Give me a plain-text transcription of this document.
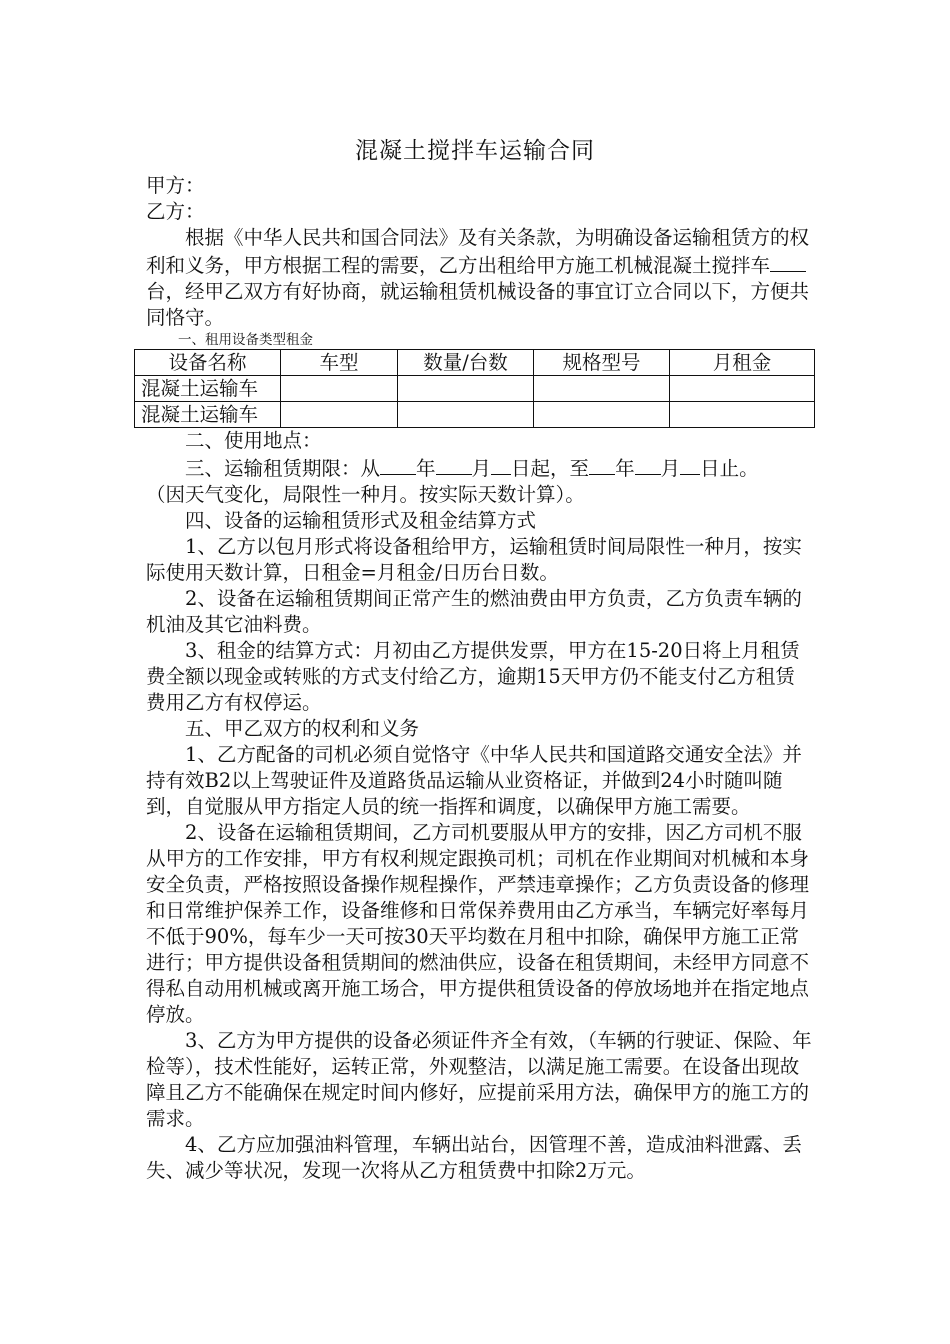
混凝土搅拌车运输合同

甲方：

乙方：

根据《中华人民共和国合同法》及有关条款，为明确设备运输租赁方的权利和义务，甲方根据工程的需要，乙方出租给甲方施工机械混凝土搅拌车台，经甲乙双方有好协商，就运输租赁机械设备的事宜订立合同以下，方便共同恪守。

一、租用设备类型租金

设备名称	车型	数量/台数	规格型号	月租金
混凝土运输车				
混凝土运输车				

二、使用地点：

三、运输租赁期限：从 年 月 日起，至 年 月 日止。

（因天气变化，局限性一种月。按实际天数计算）。

四、设备的运输租赁形式及租金结算方式

1、乙方以包月形式将设备租给甲方，运输租赁时间局限性一种月，按实际使用天数计算，日租金=月租金/日历台日数。

2、设备在运输租赁期间正常产生的燃油费由甲方负责，乙方负责车辆的机油及其它油料费。

3、租金的结算方式：月初由乙方提供发票，甲方在15-20日将上月租赁费全额以现金或转账的方式支付给乙方，逾期15天甲方仍不能支付乙方租赁费用乙方有权停运。

五、甲乙双方的权利和义务

1、乙方配备的司机必须自觉恪守《中华人民共和国道路交通安全法》并持有效B2以上驾驶证件及道路货品运输从业资格证，并做到24小时随叫随到，自觉服从甲方指定人员的统一指挥和调度，以确保甲方施工需要。

2、设备在运输租赁期间，乙方司机要服从甲方的安排，因乙方司机不服从甲方的工作安排，甲方有权利规定跟换司机；司机在作业期间对机械和本身安全负责，严格按照设备操作规程操作，严禁违章操作；乙方负责设备的修理和日常维护保养工作，设备维修和日常保养费用由乙方承当，车辆完好率每月不低于90%，每车少一天可按30天平均数在月租中扣除，确保甲方施工正常进行；甲方提供设备租赁期间的燃油供应，设备在租赁期间，未经甲方同意不得私自动用机械或离开施工场合，甲方提供租赁设备的停放场地并在指定地点停放。

3、乙方为甲方提供的设备必须证件齐全有效，（车辆的行驶证、保险、年检等），技术性能好，运转正常，外观整洁，以满足施工需要。在设备出现故障且乙方不能确保在规定时间内修好，应提前采用方法，确保甲方的施工方的需求。

4、乙方应加强油料管理，车辆出站台，因管理不善，造成油料泄露、丢失、减少等状况，发现一次将从乙方租赁费中扣除2万元。
